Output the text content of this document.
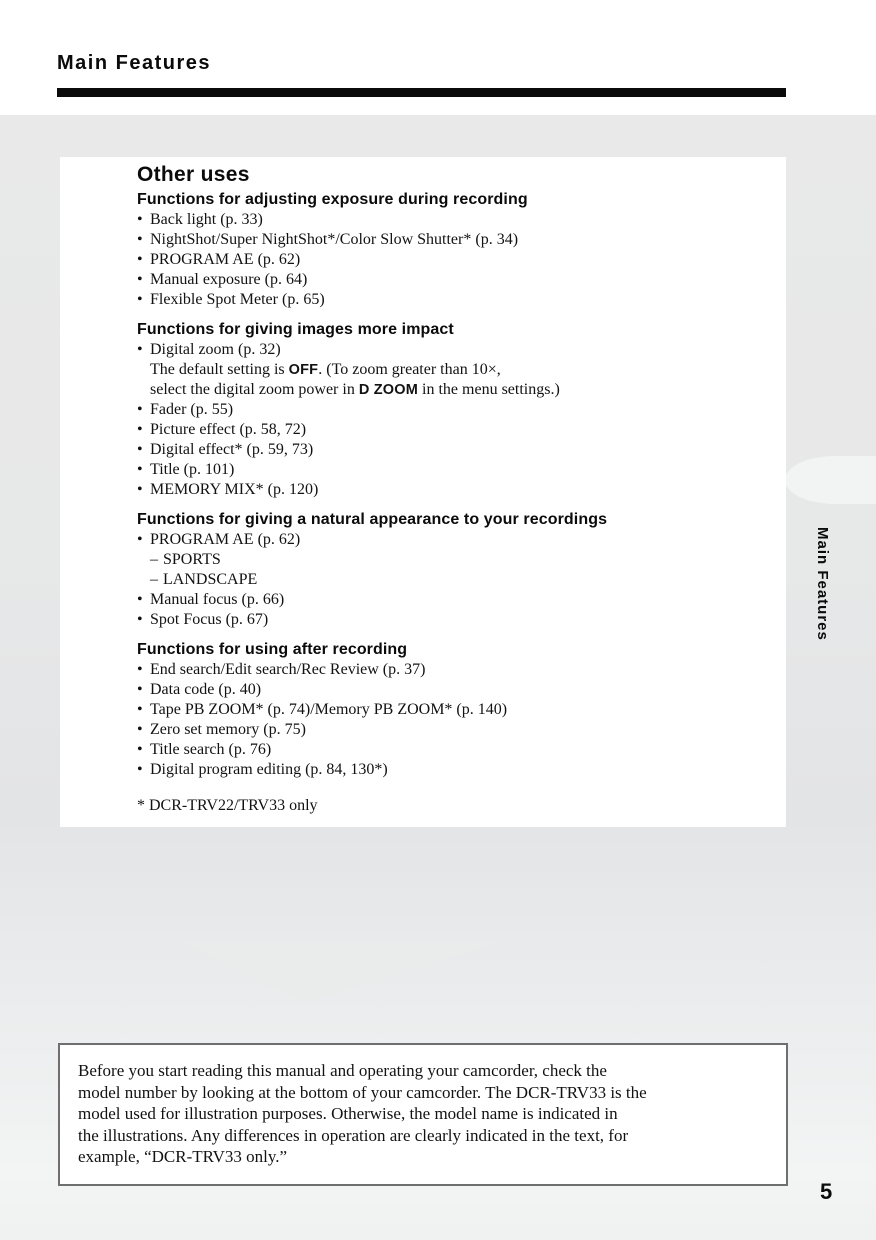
Main Features
Other uses
Functions for adjusting exposure during recording
• Back light (p. 33)
• NightShot/Super NightShot*/Color Slow Shutter* (p. 34)
• PROGRAM AE (p. 62)
• Manual exposure (p. 64)
• Flexible Spot Meter (p. 65)
Functions for giving images more impact
• Digital zoom (p. 32)
The default setting is OFF. (To zoom greater than 10×,
select the digital zoom power in D ZOOM in the menu settings.)
• Fader (p. 55)
• Picture effect (p. 58, 72)
• Digital effect* (p. 59, 73)
• Title (p. 101)
• MEMORY MIX* (p. 120)
Functions for giving a natural appearance to your recordings
• PROGRAM AE (p. 62)
– SPORTS
– LANDSCAPE
• Manual focus (p. 66)
• Spot Focus (p. 67)
Functions for using after recording
• End search/Edit search/Rec Review (p. 37)
• Data code (p. 40)
• Tape PB ZOOM* (p. 74)/Memory PB ZOOM* (p. 140)
• Zero set memory (p. 75)
• Title search (p. 76)
• Digital program editing (p. 84, 130*)

* DCR-TRV22/TRV33 only

Main Features
Before you start reading this manual and operating your camcorder, check the
model number by looking at the bottom of your camcorder. The DCR-TRV33 is the
model used for illustration purposes. Otherwise, the model name is indicated in
the illustrations. Any differences in operation are clearly indicated in the text, for
example, “DCR-TRV33 only.”
5
